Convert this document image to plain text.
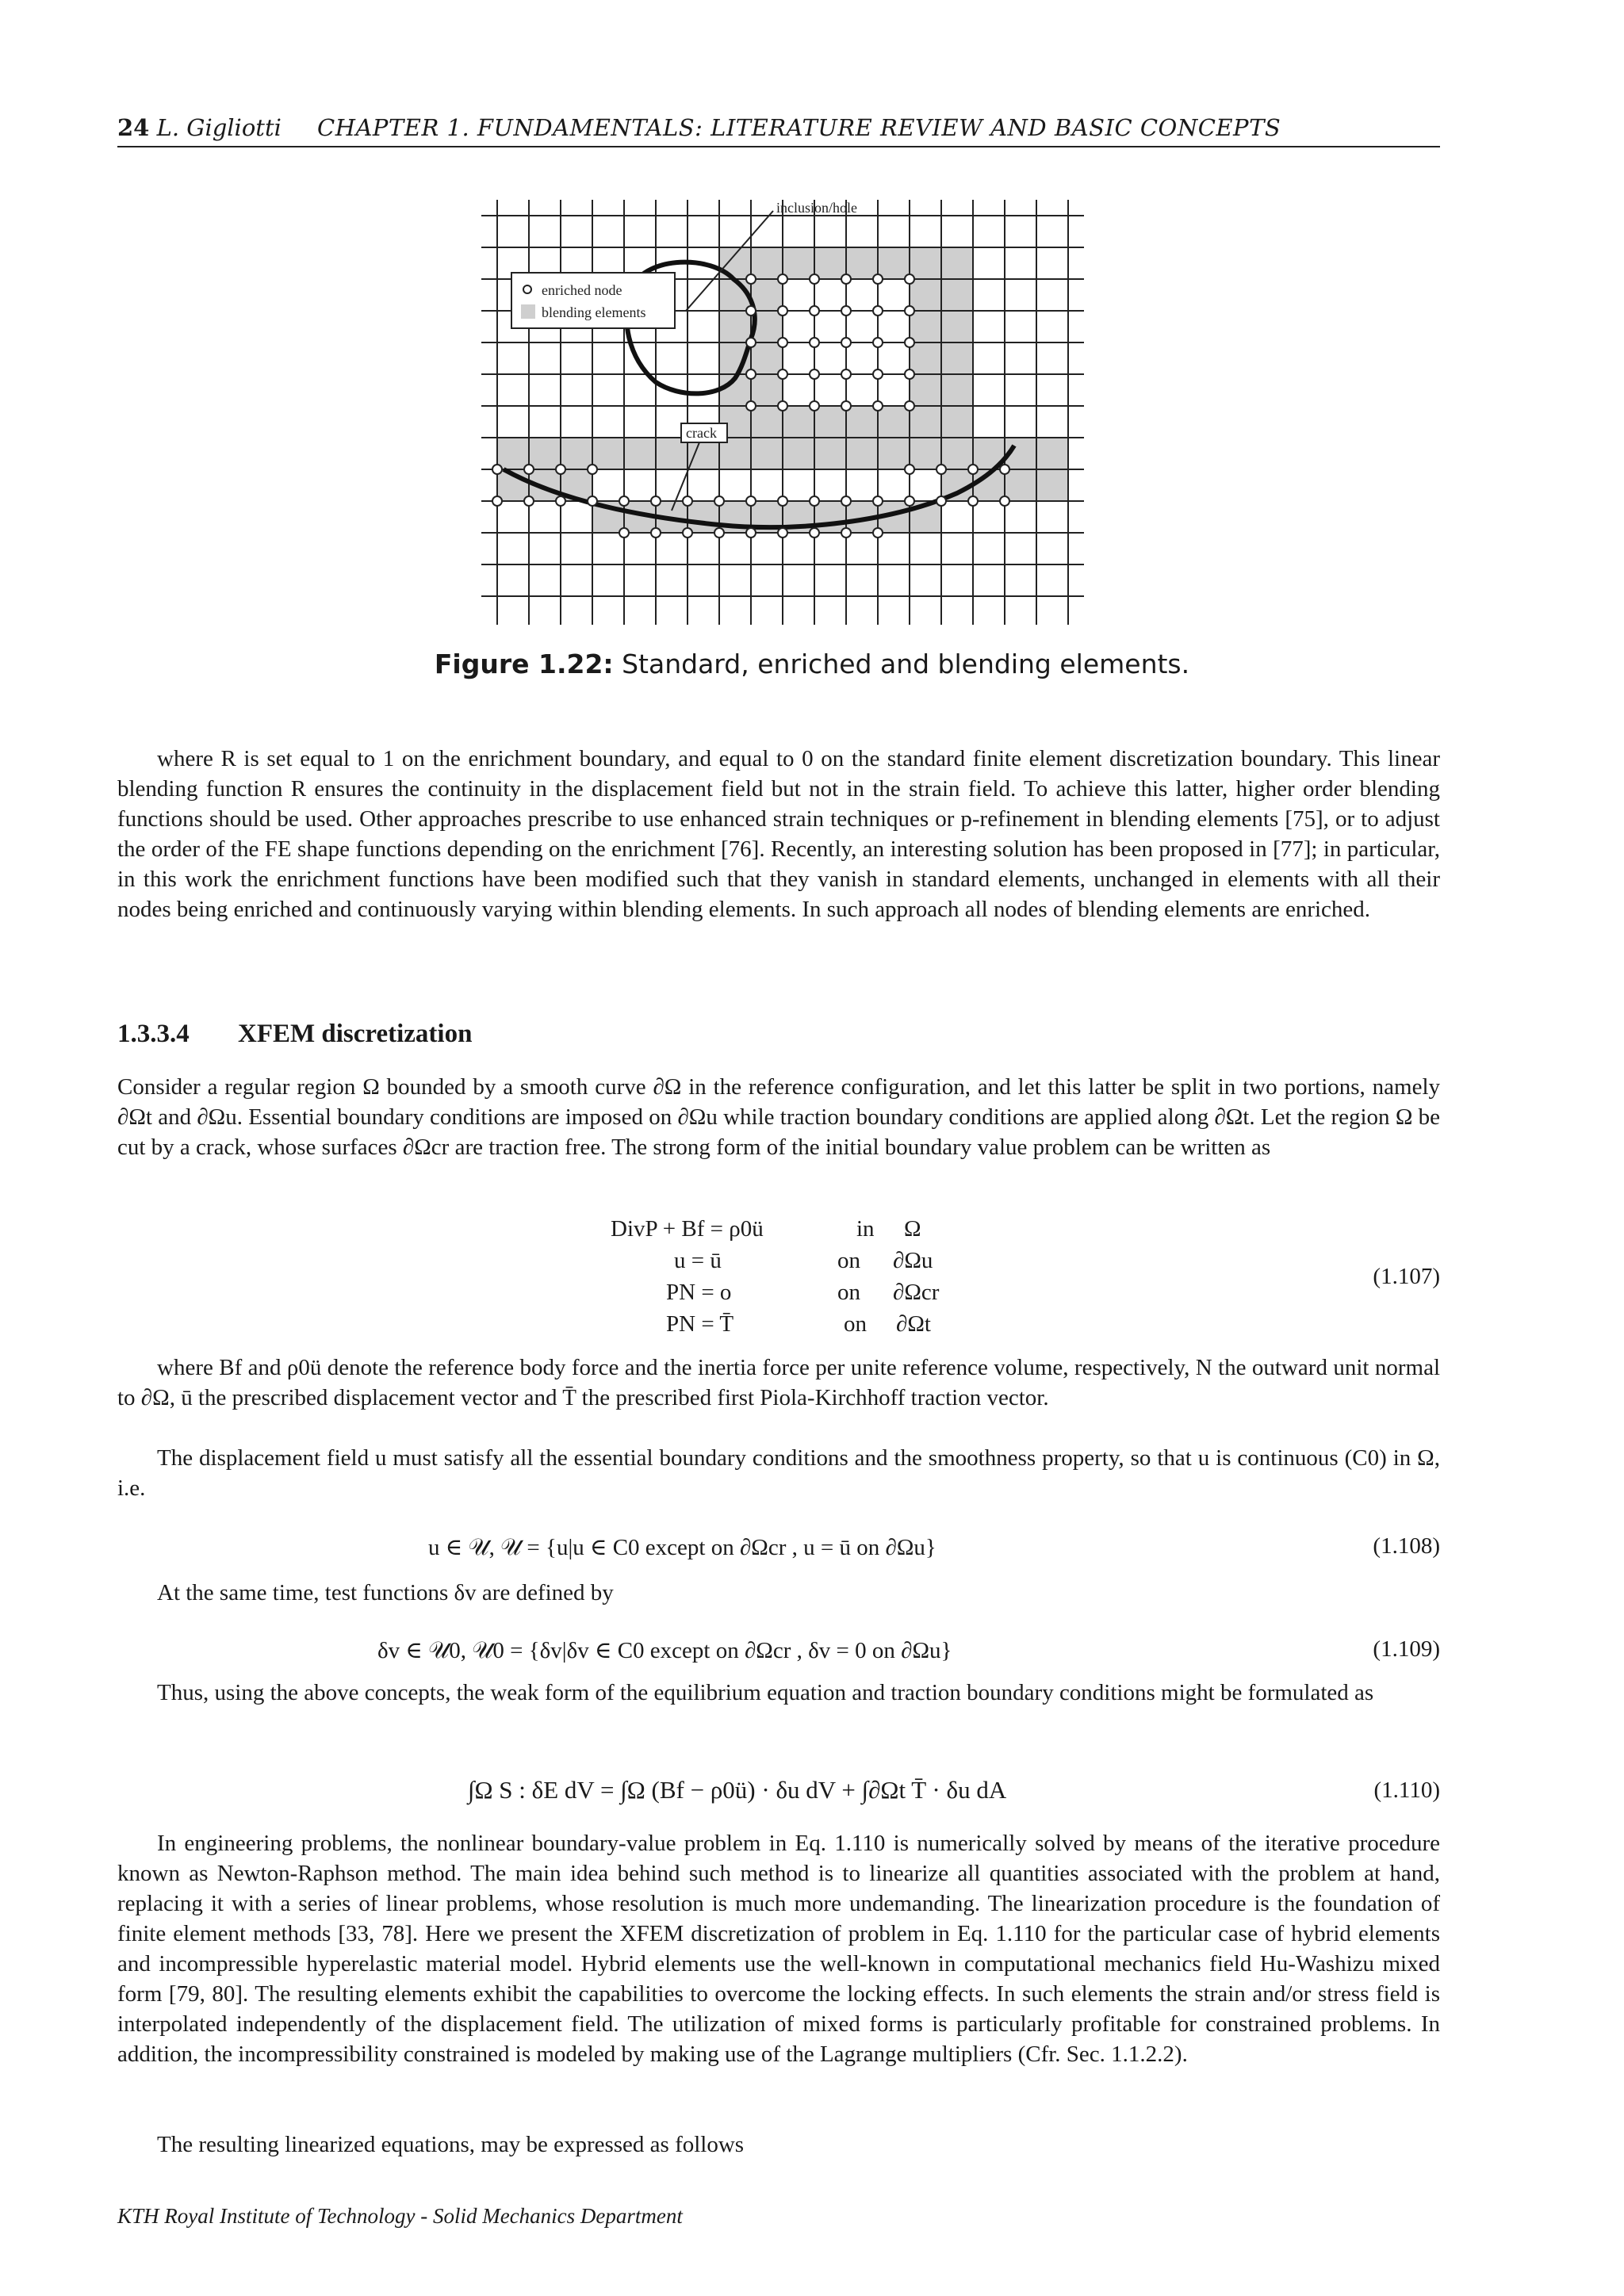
24 L. Gigliotti CHAPTER 1. FUNDAMENTALS: LITERATURE REVIEW AND BASIC CONCEPTS
enriched node
blending elements
inclusion/hole
crack
Figure 1.22: Standard, enriched and blending elements.
where R is set equal to 1 on the enrichment boundary, and equal to 0 on the standard finite element discretization boundary. This linear blending function R ensures the continuity in the displacement field but not in the strain field. To achieve this latter, higher order blending functions should be used. Other approaches prescribe to use enhanced strain techniques or p-refinement in blending elements [75], or to adjust the order of the FE shape functions depending on the enrichment [76]. Recently, an interesting solution has been proposed in [77]; in particular, in this work the enrichment functions have been modified such that they vanish in standard elements, unchanged in elements with all their nodes being enriched and continuously varying within blending elements. In such approach all nodes of blending elements are enriched.
1.3.3.4 XFEM discretization
Consider a regular region Ω bounded by a smooth curve ∂Ω in the reference configuration, and let this latter be split in two portions, namely ∂Ωt and ∂Ωu. Essential boundary conditions are imposed on ∂Ωu while traction boundary conditions are applied along ∂Ωt. Let the region Ω be cut by a crack, whose surfaces ∂Ωcr are traction free. The strong form of the initial boundary value problem can be written as
DivP + Bf = ρ0ü	in Ω
u = ū	on ∂Ωu
PN = o	on ∂Ωcr
PN = T̄	on ∂Ωt
(1.107)
where Bf and ρ0ü denote the reference body force and the inertia force per unite reference volume, respectively, N the outward unit normal to ∂Ω, ū the prescribed displacement vector and T̄ the prescribed first Piola-Kirchhoff traction vector.
The displacement field u must satisfy all the essential boundary conditions and the smoothness property, so that u is continuous (C0) in Ω, i.e.
u ∈ 𝒰, 𝒰 = {u|u ∈ C0 except on ∂Ωcr , u = ū on ∂Ωu}	(1.108)
At the same time, test functions δv are defined by
δv ∈ 𝒰0, 𝒰0 = {δv|δv ∈ C0 except on ∂Ωcr , δv = 0 on ∂Ωu}	(1.109)
Thus, using the above concepts, the weak form of the equilibrium equation and traction boundary conditions might be formulated as
∫Ω S : δE dV = ∫Ω (Bf − ρ0ü) · δu dV + ∫∂Ωt T̄ · δu dA	(1.110)
In engineering problems, the nonlinear boundary-value problem in Eq. 1.110 is numerically solved by means of the iterative procedure known as Newton-Raphson method. The main idea behind such method is to linearize all quantities associated with the problem at hand, replacing it with a series of linear problems, whose resolution is much more undemanding. The linearization procedure is the foundation of finite element methods [33, 78]. Here we present the XFEM discretization of problem in Eq. 1.110 for the particular case of hybrid elements and incompressible hyperelastic material model. Hybrid elements use the well-known in computational mechanics field Hu-Washizu mixed form [79, 80]. The resulting elements exhibit the capabilities to overcome the locking effects. In such elements the strain and/or stress field is interpolated independently of the displacement field. The utilization of mixed forms is particularly profitable for constrained problems. In addition, the incompressibility constrained is modeled by making use of the Lagrange multipliers (Cfr. Sec. 1.1.2.2).
The resulting linearized equations, may be expressed as follows
KTH Royal Institute of Technology - Solid Mechanics Department
